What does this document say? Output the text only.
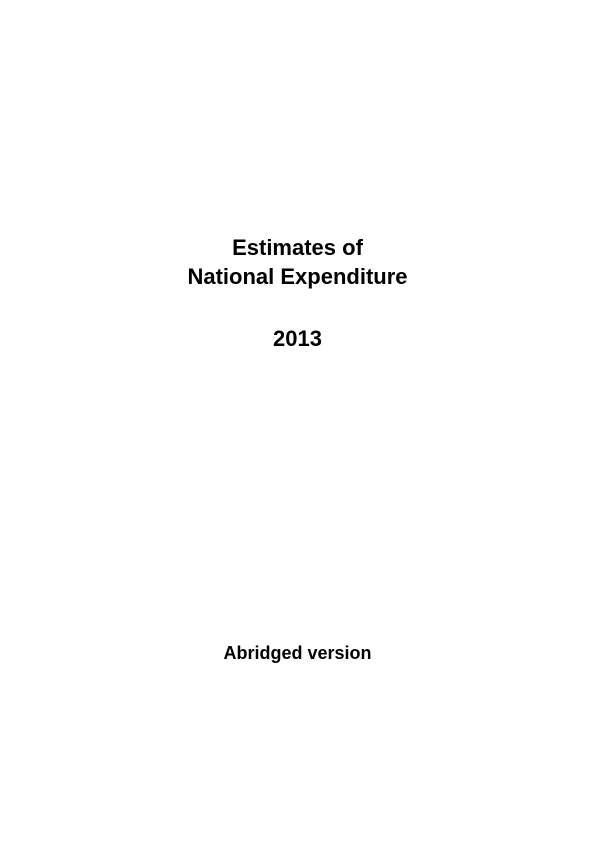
Estimates of
National Expenditure
2013
Abridged version
